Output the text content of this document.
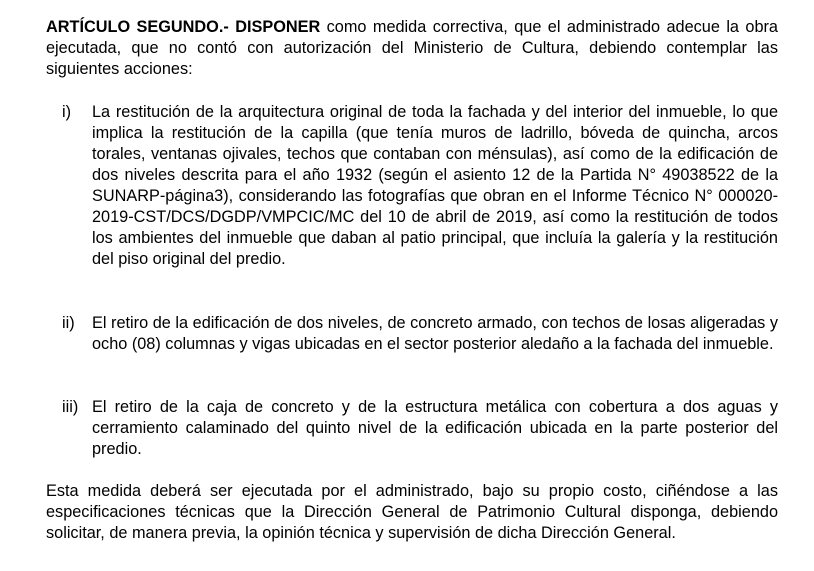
ARTÍCULO SEGUNDO.- DISPONER como medida correctiva, que el administrado adecue la obra ejecutada, que no contó con autorización del Ministerio de Cultura, debiendo contemplar las siguientes acciones:

i)	La restitución de la arquitectura original de toda la fachada y del interior del inmueble, lo que implica la restitución de la capilla (que tenía muros de ladrillo, bóveda de quincha, arcos torales, ventanas ojivales, techos que contaban con ménsulas), así como de la edificación de dos niveles descrita para el año 1932 (según el asiento 12 de la Partida N° 49038522 de la SUNARP-página3), considerando las fotografías que obran en el Informe Técnico N° 000020-2019-CST/DCS/DGDP/VMPCIC/MC del 10 de abril de 2019, así como la restitución de todos los ambientes del inmueble que daban al patio principal, que incluía la galería y la restitución del piso original del predio.

ii)	El retiro de la edificación de dos niveles, de concreto armado, con techos de losas aligeradas y ocho (08) columnas y vigas ubicadas en el sector posterior aledaño a la fachada del inmueble.

iii) El retiro de la caja de concreto y de la estructura metálica con cobertura a dos aguas y cerramiento calaminado del quinto nivel de la edificación ubicada en la parte posterior del predio.

Esta medida deberá ser ejecutada por el administrado, bajo su propio costo, ciñéndose a las especificaciones técnicas que la Dirección General de Patrimonio Cultural disponga, debiendo solicitar, de manera previa, la opinión técnica y supervisión de dicha Dirección General.
